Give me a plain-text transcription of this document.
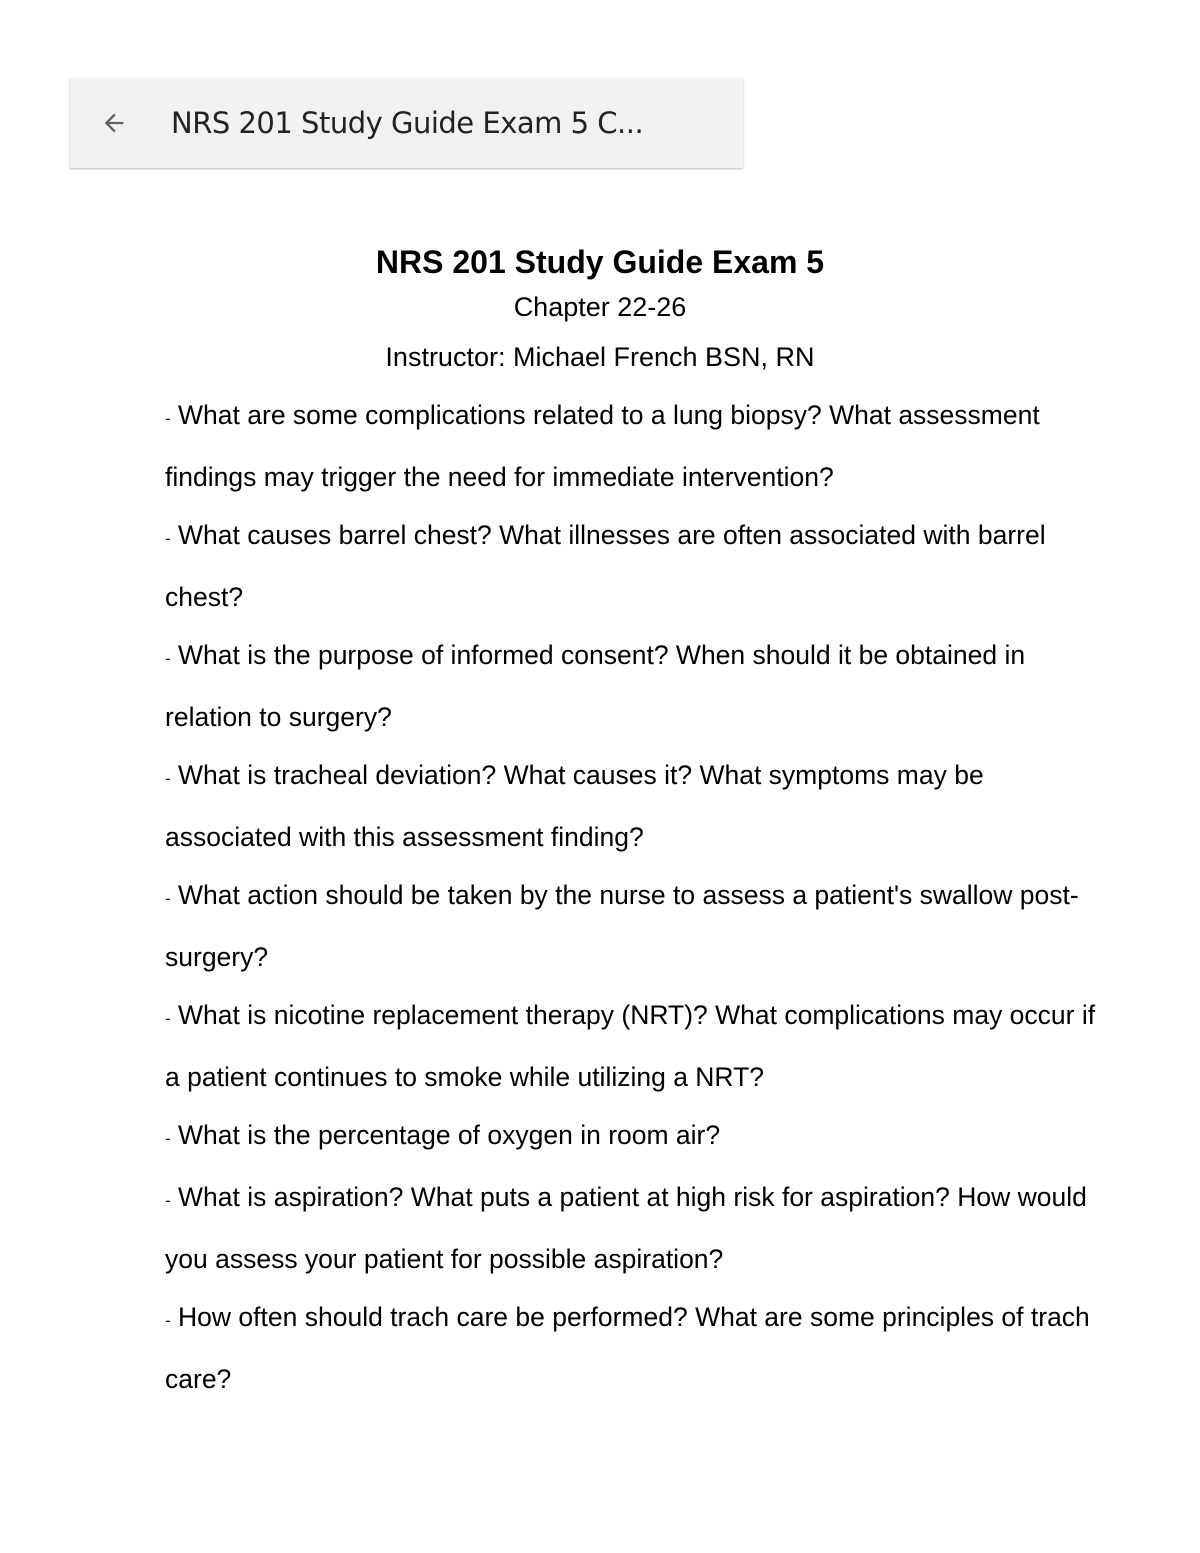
NRS 201 Study Guide Exam 5 C...
NRS 201 Study Guide Exam 5
Chapter 22-26
Instructor: Michael French BSN, RN
- What are some complications related to a lung biopsy? What assessment findings may trigger the need for immediate intervention?
- What causes barrel chest? What illnesses are often associated with barrel chest?
- What is the purpose of informed consent? When should it be obtained in relation to surgery?
- What is tracheal deviation? What causes it? What symptoms may be associated with this assessment finding?
- What action should be taken by the nurse to assess a patient's swallow post-surgery?
- What is nicotine replacement therapy (NRT)? What complications may occur if a patient continues to smoke while utilizing a NRT?
- What is the percentage of oxygen in room air?
- What is aspiration? What puts a patient at high risk for aspiration? How would you assess your patient for possible aspiration?
- How often should trach care be performed? What are some principles of trach care?
